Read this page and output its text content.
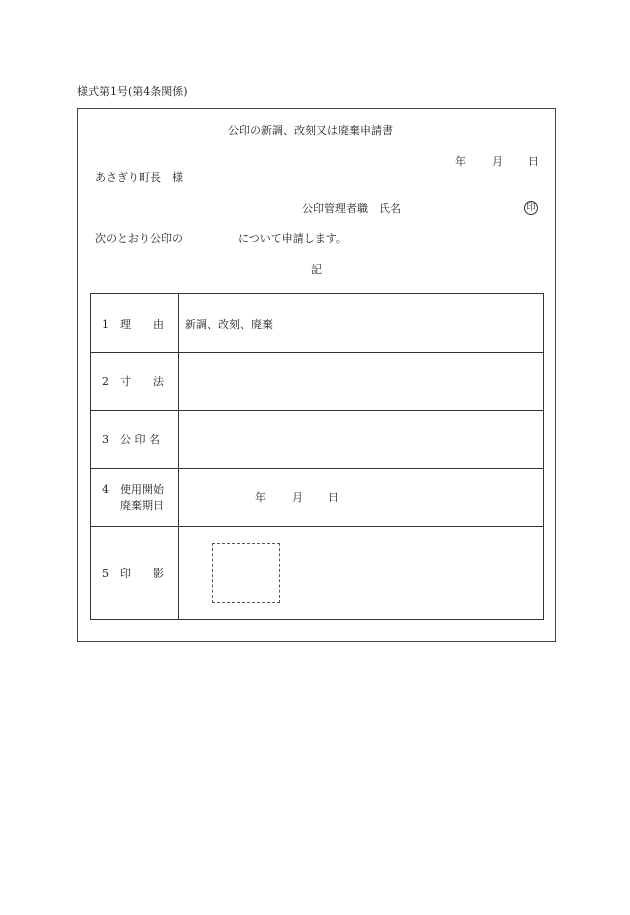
様式第1号(第4条関係)
公印の新調、改刻又は廃棄申請書
年 月 日
あさぎり町長　様
公印管理者職　氏名	印
次のとおり公印の	について申請します。
記
1 理　　由 新調、改刻、廃棄
2 寸　　法
3 公 印 名
4 使用開始
廃棄期日
年 月 日
5 印　　影
